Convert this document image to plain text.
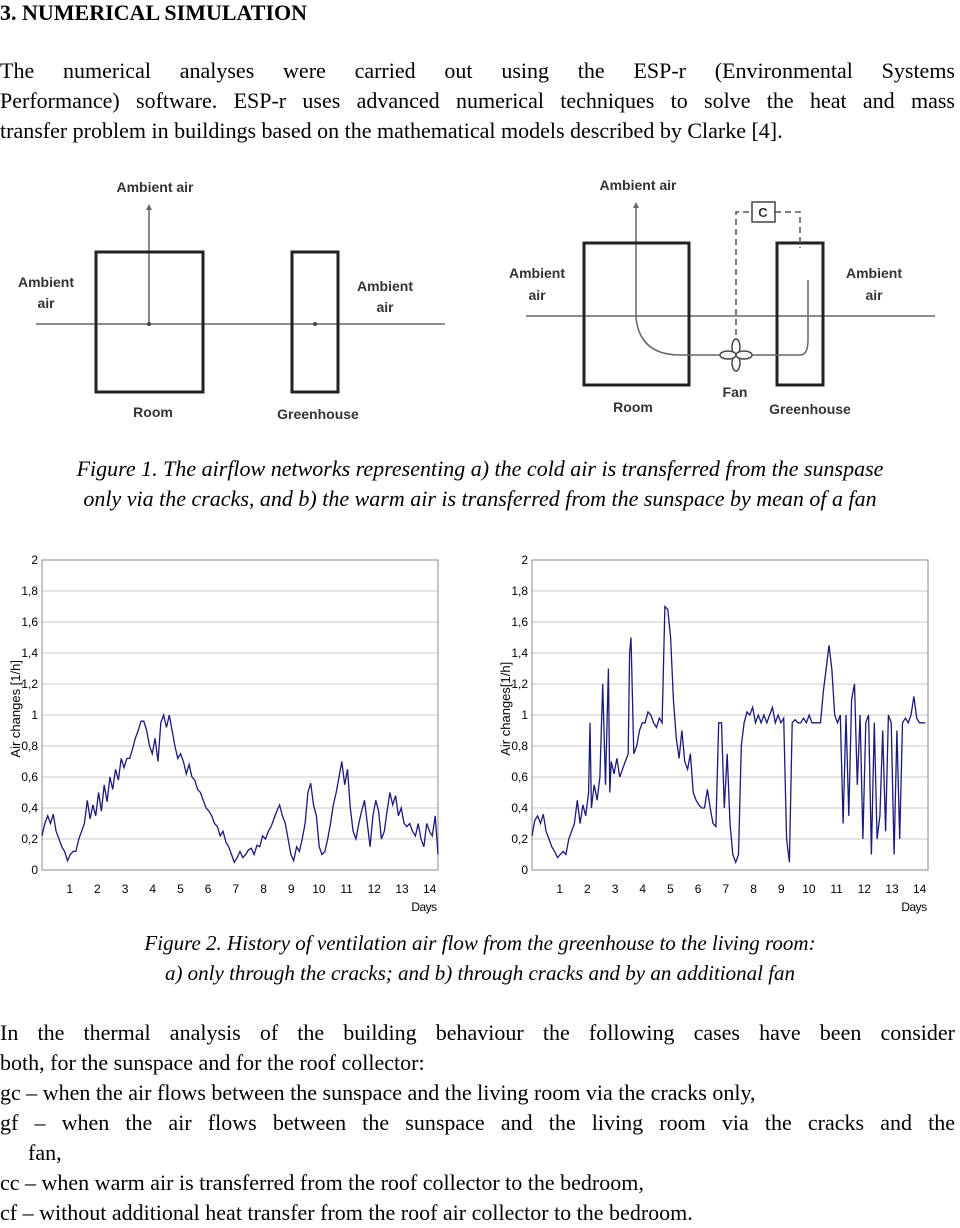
3. NUMERICAL SIMULATION
The numerical analyses were carried out using the ESP-r (Environmental Systems
Performance) software. ESP-r uses advanced numerical techniques to solve the heat and mass
transfer problem in buildings based on the mathematical models described by Clarke [4].
Ambient air
Ambient
air
Ambient
air
Room	Greenhouse
Ambient air
Ambient
air
Ambient
air
C
Fan
Room	Greenhouse
Figure 1. The airflow networks representing a) the cold air is transferred from the sunspase
only via the cracks, and b) the warm air is transferred from the sunspace by mean of a fan
0
0,2
0,4
0,6
0,8
1
1,2
1,4
1,6
1,8
2
1 2 3 4 5 6 7 8 9 10 11 12 13 14
Days
Air changes [1/h]
0
0,2
0,4
0,6
0,8
1
1,2
1,4
1,6
1,8
2
1 2 3 4 5 6 7 8 9 10 11 12 13 14
Days
Air changes[1/h]
Figure 2. History of ventilation air flow from the greenhouse to the living room:
a) only through the cracks; and b) through cracks and by an additional fan
In the thermal analysis of the building behaviour the following cases have been consider
both, for the sunspace and for the roof collector:
gc – when the air flows between the sunspace and the living room via the cracks only,
gf – when the air flows between the sunspace and the living room via the cracks and the
fan,
cc – when warm air is transferred from the roof collector to the bedroom,
cf – without additional heat transfer from the roof air collector to the bedroom.
